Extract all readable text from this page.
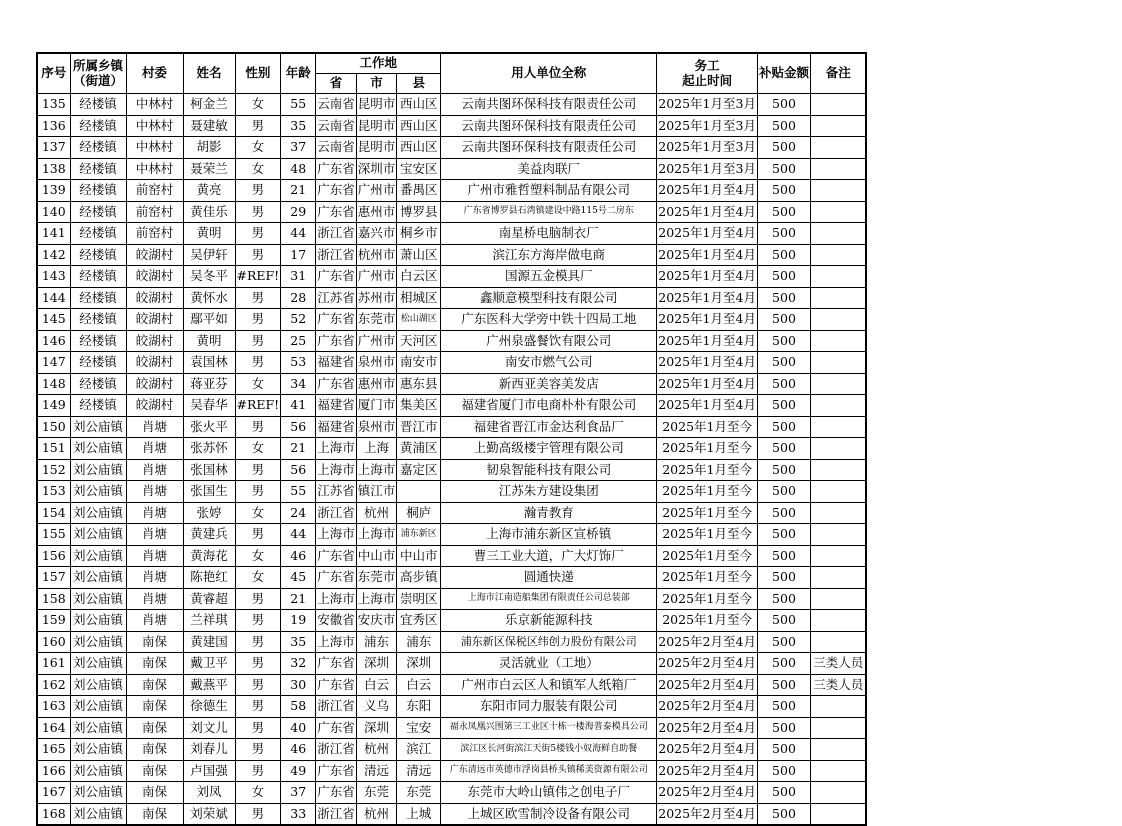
序号	所属乡镇
（街道）	村委	姓名	性别	年龄	工作地			用人单位全称	务工
起止时间	补贴金额	备注
						省	市	县				
135	经楼镇	中林村	柯金兰	女	55	云南省	昆明市	西山区	云南共图环保科技有限责任公司	2025年1月至3月	500	
136	经楼镇	中林村	聂建敏	男	35	云南省	昆明市	西山区	云南共图环保科技有限责任公司	2025年1月至3月	500	
137	经楼镇	中林村	胡影	女	37	云南省	昆明市	西山区	云南共图环保科技有限责任公司	2025年1月至3月	500	
138	经楼镇	中林村	聂荣兰	女	48	广东省	深圳市	宝安区	美益肉联厂	2025年1月至3月	500	
139	经楼镇	前窑村	黄亮	男	21	广东省	广州市	番禺区	广州市雅哲塑料制品有限公司	2025年1月至4月	500	
140	经楼镇	前窑村	黄佳乐	男	29	广东省	惠州市	博罗县	广东省博罗县石湾镇建设中路115号二房东	2025年1月至4月	500	
141	经楼镇	前窑村	黄明	男	44	浙江省	嘉兴市	桐乡市	南星桥电脑制衣厂	2025年1月至4月	500	
142	经楼镇	皎湖村	吴伊轩	男	17	浙江省	杭州市	萧山区	滨江东方海岸做电商	2025年1月至4月	500	
143	经楼镇	皎湖村	吴冬平	#REF!	31	广东省	广州市	白云区	国源五金模具厂	2025年1月至4月	500	
144	经楼镇	皎湖村	黄怀水	男	28	江苏省	苏州市	相城区	鑫顺意模型科技有限公司	2025年1月至4月	500	
145	经楼镇	皎湖村	鄢平如	男	52	广东省	东莞市	松山湖区	广东医科大学旁中铁十四局工地	2025年1月至4月	500	
146	经楼镇	皎湖村	黄明	男	25	广东省	广州市	天河区	广州泉盛餐饮有限公司	2025年1月至4月	500	
147	经楼镇	皎湖村	袁国林	男	53	福建省	泉州市	南安市	南安市燃气公司	2025年1月至4月	500	
148	经楼镇	皎湖村	蒋亚芬	女	34	广东省	惠州市	惠东县	新西亚美容美发店	2025年1月至4月	500	
149	经楼镇	皎湖村	吴春华	#REF!	41	福建省	厦门市	集美区	福建省厦门市电商朴朴有限公司	2025年1月至4月	500	
150	刘公庙镇	肖塘	张火平	男	56	福建省	泉州市	晋江市	福建省晋江市金达利食品厂	2025年1月至今	500	
151	刘公庙镇	肖塘	张苏怀	女	21	上海市	上海	黄浦区	上勤高级楼宇管理有限公司	2025年1月至今	500	
152	刘公庙镇	肖塘	张国林	男	56	上海市	上海市	嘉定区	韧泉智能科技有限公司	2025年1月至今	500	
153	刘公庙镇	肖塘	张国生	男	55	江苏省	镇江市		江苏朱方建设集团	2025年1月至今	500	
154	刘公庙镇	肖塘	张婷	女	24	浙江省	杭州	桐庐	瀚青教育	2025年1月至今	500	
155	刘公庙镇	肖塘	黄建兵	男	44	上海市	上海市	浦东新区	上海市浦东新区宣桥镇	2025年1月至今	500	
156	刘公庙镇	肖塘	黄海花	女	46	广东省	中山市	中山市	曹三工业大道，广大灯饰厂	2025年1月至今	500	
157	刘公庙镇	肖塘	陈艳红	女	45	广东省	东莞市	高步镇	圆通快递	2025年1月至今	500	
158	刘公庙镇	肖塘	黄睿超	男	21	上海市	上海市	崇明区	上海市江南造船集团有限责任公司总装部	2025年1月至今	500	
159	刘公庙镇	肖塘	兰祥琪	男	19	安徽省	安庆市	宜秀区	乐京新能源科技	2025年1月至今	500	
160	刘公庙镇	南保	黄建国	男	35	上海市	浦东	浦东	浦东新区保税区纬创力股份有限公司	2025年2月至4月	500	
161	刘公庙镇	南保	戴卫平	男	32	广东省	深圳	深圳	灵活就业（工地）	2025年2月至4月	500	三类人员
162	刘公庙镇	南保	戴燕平	男	30	广东省	白云	白云	广州市白云区人和镇军人纸箱厂	2025年2月至4月	500	三类人员
163	刘公庙镇	南保	徐德生	男	58	浙江省	义乌	东阳	东阳市同力服装有限公司	2025年2月至4月	500	
164	刘公庙镇	南保	刘文儿	男	40	广东省	深圳	宝安	福永凤凰兴围第三工业区十栋一楼海普泰模具公司	2025年2月至4月	500	
165	刘公庙镇	南保	刘春儿	男	46	浙江省	杭州	滨江	滨江区长河街滨江天街5楼钱小奴海鲜自助餐	2025年2月至4月	500	
166	刘公庙镇	南保	卢国强	男	49	广东省	清远	清远	广东清远市英德市浮岗县桥头镇稀美资源有限公司	2025年2月至4月	500	
167	刘公庙镇	南保	刘凤	女	37	广东省	东莞	东莞	东莞市大岭山镇伟之创电子厂	2025年2月至4月	500	
168	刘公庙镇	南保	刘荣斌	男	33	浙江省	杭州	上城	上城区欧雪制冷设备有限公司	2025年2月至4月	500	
